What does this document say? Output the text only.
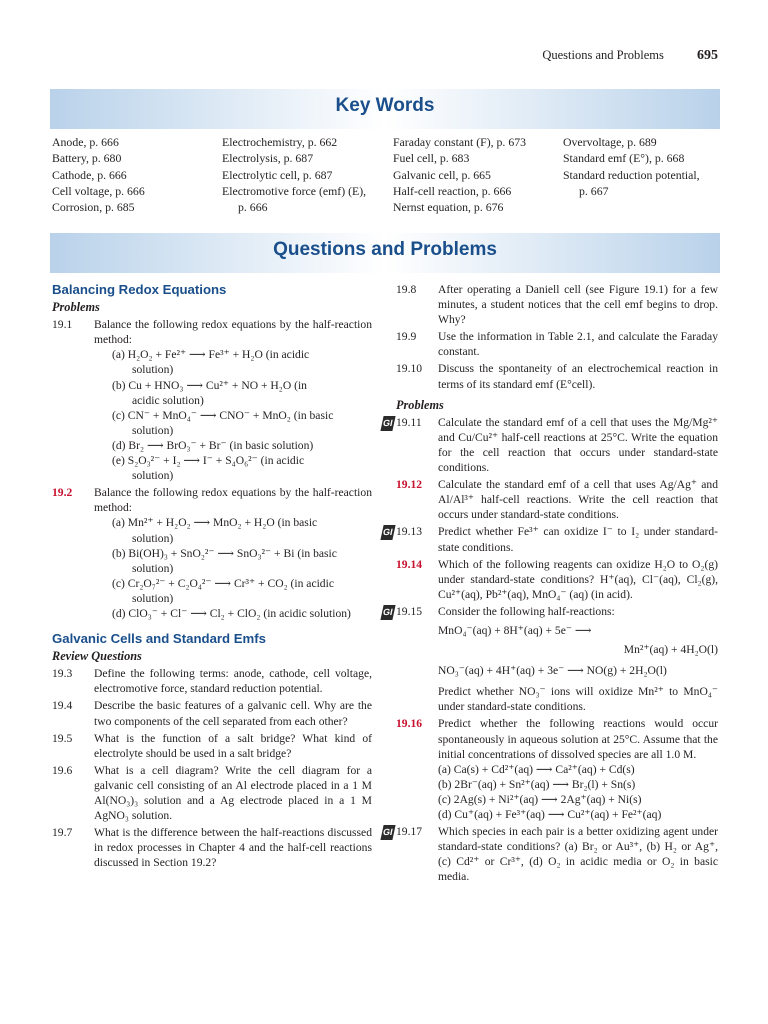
Questions and Problems 695
Key Words
Anode, p. 666
Battery, p. 680
Cathode, p. 666
Cell voltage, p. 666
Corrosion, p. 685
Electrochemistry, p. 662
Electrolysis, p. 687
Electrolytic cell, p. 687
Electromotive force (emf) (E),
p. 666
Faraday constant (F), p. 673
Fuel cell, p. 683
Galvanic cell, p. 665
Half-cell reaction, p. 666
Nernst equation, p. 676
Overvoltage, p. 689
Standard emf (E°), p. 668
Standard reduction potential,
p. 667
Questions and Problems
Balancing Redox Equations
Problems
19.1 Balance the following redox equations by the half-reaction method:
(a) H₂O₂ + Fe²⁺ ⟶ Fe³⁺ + H₂O (in acidic
solution)
(b) Cu + HNO₃ ⟶ Cu²⁺ + NO + H₂O (in
acidic solution)
(c) CN⁻ + MnO₄⁻ ⟶ CNO⁻ + MnO₂ (in basic
solution)
(d) Br₂ ⟶ BrO₃⁻ + Br⁻ (in basic solution)
(e) S₂O₃²⁻ + I₂ ⟶ I⁻ + S₄O₆²⁻ (in acidic
solution)
19.2 Balance the following redox equations by the half-reaction method:
(a) Mn²⁺ + H₂O₂ ⟶ MnO₂ + H₂O (in basic
solution)
(b) Bi(OH)₃ + SnO₂²⁻ ⟶ SnO₃²⁻ + Bi (in basic
solution)
(c) Cr₂O₇²⁻ + C₂O₄²⁻ ⟶ Cr³⁺ + CO₂ (in acidic
solution)
(d) ClO₃⁻ + Cl⁻ ⟶ Cl₂ + ClO₂ (in acidic solution)
Galvanic Cells and Standard Emfs
Review Questions
19.3 Define the following terms: anode, cathode, cell voltage, electromotive force, standard reduction potential.
19.4 Describe the basic features of a galvanic cell. Why are the two components of the cell separated from each other?
19.5 What is the function of a salt bridge? What kind of electrolyte should be used in a salt bridge?
19.6 What is a cell diagram? Write the cell diagram for a galvanic cell consisting of an Al electrode placed in a 1 M Al(NO₃)₃ solution and a Ag electrode placed in a 1 M AgNO₃ solution.
19.7 What is the difference between the half-reactions discussed in redox processes in Chapter 4 and the half-cell reactions discussed in Section 19.2?
19.8 After operating a Daniell cell (see Figure 19.1) for a few minutes, a student notices that the cell emf begins to drop. Why?
19.9 Use the information in Table 2.1, and calculate the Faraday constant.
19.10 Discuss the spontaneity of an electrochemical reaction in terms of its standard emf (E°cell).
Problems
GI 19.11 Calculate the standard emf of a cell that uses the Mg/Mg²⁺ and Cu/Cu²⁺ half-cell reactions at 25°C. Write the equation for the cell reaction that occurs under standard-state conditions.
19.12 Calculate the standard emf of a cell that uses Ag/Ag⁺ and Al/Al³⁺ half-cell reactions. Write the cell reaction that occurs under standard-state conditions.
GI 19.13 Predict whether Fe³⁺ can oxidize I⁻ to I₂ under standard-state conditions.
19.14 Which of the following reagents can oxidize H₂O to O₂(g) under standard-state conditions? H⁺(aq), Cl⁻(aq), Cl₂(g), Cu²⁺(aq), Pb²⁺(aq), MnO₄⁻ (aq) (in acid).
GI 19.15 Consider the following half-reactions:
MnO₄⁻(aq) + 8H⁺(aq) + 5e⁻ ⟶
Mn²⁺(aq) + 4H₂O(l)
NO₃⁻(aq) + 4H⁺(aq) + 3e⁻ ⟶ NO(g) + 2H₂O(l)
Predict whether NO₃⁻ ions will oxidize Mn²⁺ to MnO₄⁻ under standard-state conditions.
19.16 Predict whether the following reactions would occur spontaneously in aqueous solution at 25°C. Assume that the initial concentrations of dissolved species are all 1.0 M.
(a) Ca(s) + Cd²⁺(aq) ⟶ Ca²⁺(aq) + Cd(s)
(b) 2Br⁻(aq) + Sn²⁺(aq) ⟶ Br₂(l) + Sn(s)
(c) 2Ag(s) + Ni²⁺(aq) ⟶ 2Ag⁺(aq) + Ni(s)
(d) Cu⁺(aq) + Fe³⁺(aq) ⟶ Cu²⁺(aq) + Fe²⁺(aq)
GI 19.17 Which species in each pair is a better oxidizing agent under standard-state conditions? (a) Br₂ or Au³⁺, (b) H₂ or Ag⁺, (c) Cd²⁺ or Cr³⁺, (d) O₂ in acidic media or O₂ in basic media.
